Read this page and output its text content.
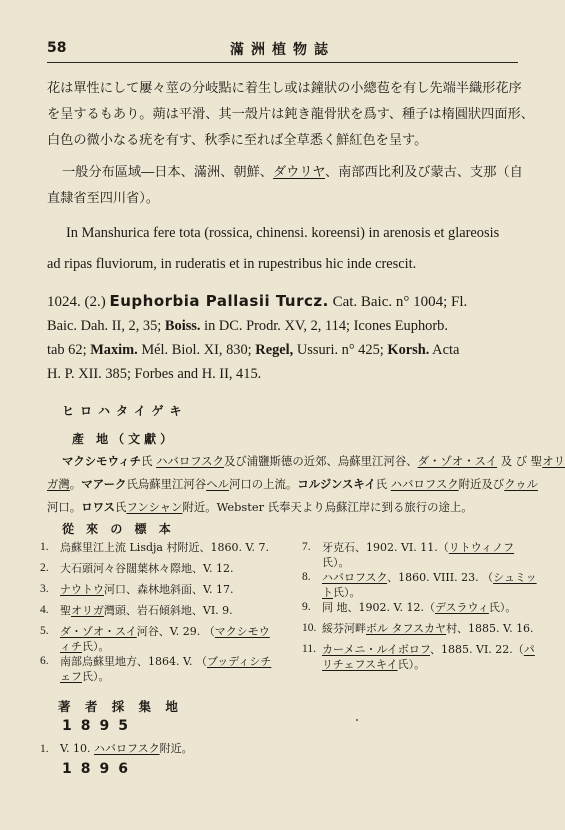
58	滿洲植物誌
花は單性にして屢々莖の分岐點に着生し或は鐘狀の小總苞を有し先端半織形花序
を呈するもあり。蒴は平滑、其一殼片は鈍き龍骨狀を爲す、種子は楕圓狀四面形、
白色の微小なる疣を有す、秋季に至れば全草悉く鮮紅色を呈す。
一般分布區域―日本、滿洲、朝鮮、ダウリヤ、南部西比利及び蒙古、支那（自
直隸省至四川省）。
In Manshurica fere tota (rossica, chinensi. koreensi) in arenosis et glareosis
ad ripas fluviorum, in ruderatis et in rupestribus hic inde crescit.
1024. (2.) Euphorbia Pallasii Turcz. Cat. Baic. n° 1004; Fl.
Baic. Dah. II, 2, 35; Boiss. in DC. Prodr. XV, 2, 114; Icones Euphorb.
tab 62; Maxim. Mél. Biol. XI, 830; Regel, Ussuri. n° 425; Korsh. Acta
H. P. XII. 385; Forbes and H. II, 415.
ヒロハタイゲキ
產 地（文獻）
マクシモウィチ氏 ハバロフスク及び浦鹽斯德の近郊、烏蘇里江河谷、ダ・ゾオ・スイ 及 び 聖オリ
ガ灣。マアーク氏烏蘇里江河谷ヘル河口の上流。コルジンスキイ氏 ハバロフスク附近及びクゥル
河口。ロワス氏フンシャン附近。Webster 氏奉天より烏蘇江岸に到る旅行の途上。
從 來 の 標 本
1.	烏蘇里江上流 Lisdja 村附近、1860. V. 7.
2.	大石頭河々谷闊葉林々際地、V. 12.
3.	ナウトウ河口、森林地斜面、V. 17.
4.	聖オリガ灣頭、岩石傾斜地、VI. 9.
5.	ダ・ゾオ・スイ河谷、V. 29. （マクシモウィチ氏）。
6.	南部烏蘇里地方、1864. V. （ブッディシチェフ氏）。
7.	牙克石、1902. VI. 11.（リトウィノフ氏）。
8.	ハバロフスク、1860. VIII. 23. （シュミット氏）。
9.	同 地、1902. V. 12.（デスラウィ氏）。
10. 綏芬河畔ボル タフスカヤ村、1885. V. 16.
11. カーメニ・ルイボロフ、1885. VI. 22.（パリチェフスキイ氏）。
著 者 採 集 地
1895
1. V. 10. ハバロフスク附近。
1896
